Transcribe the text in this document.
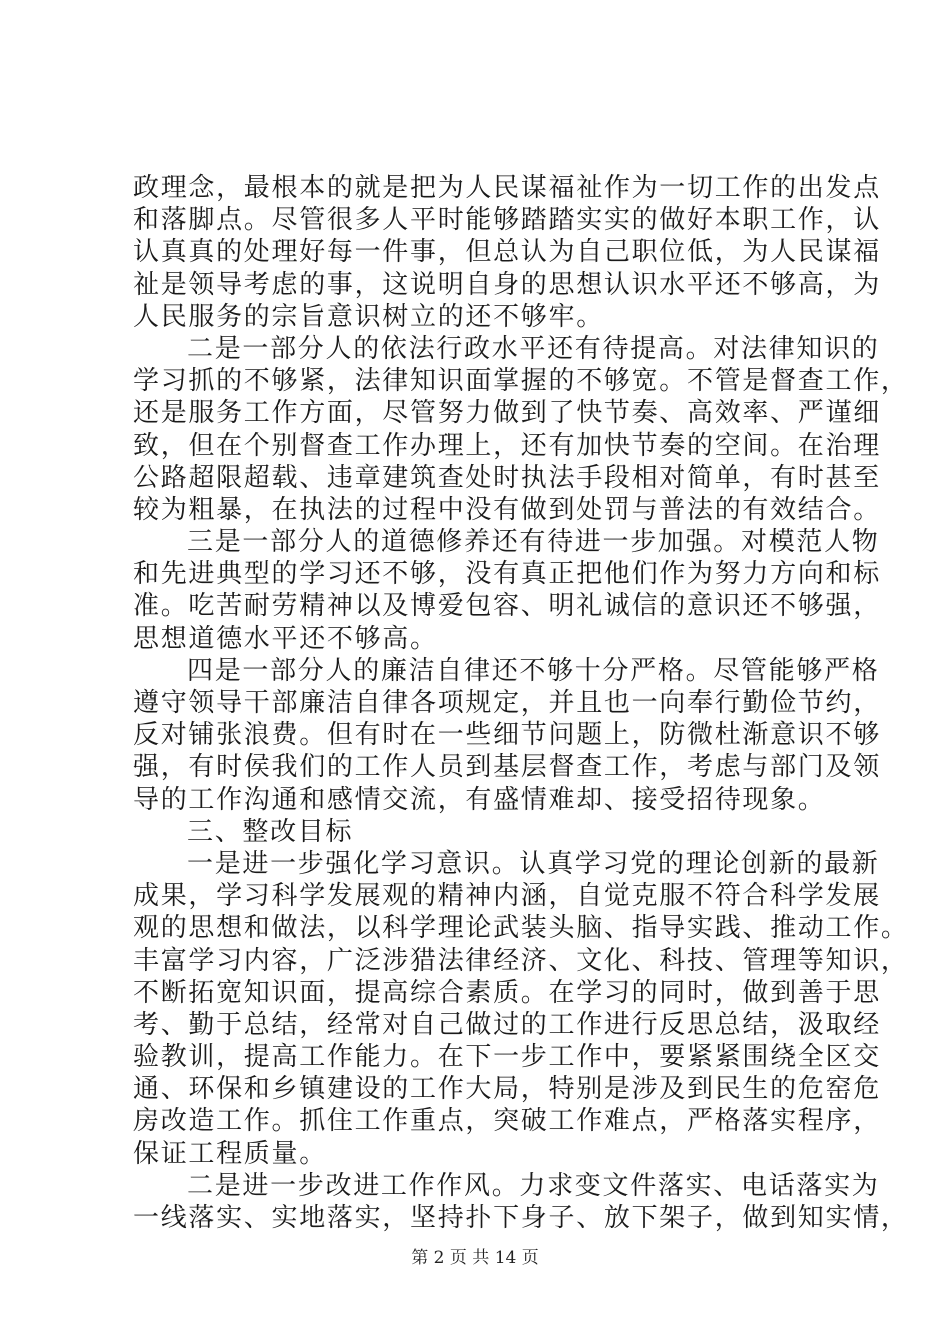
政理念，最根本的就是把为人民谋福祉作为一切工作的出发点
和落脚点。尽管很多人平时能够踏踏实实的做好本职工作，认
认真真的处理好每一件事，但总认为自己职位低，为人民谋福
祉是领导考虑的事，这说明自身的思想认识水平还不够高，为
人民服务的宗旨意识树立的还不够牢。
二是一部分人的依法行政水平还有待提高。对法律知识的
学习抓的不够紧，法律知识面掌握的不够宽。不管是督查工作，
还是服务工作方面，尽管努力做到了快节奏、高效率、严谨细
致，但在个别督查工作办理上，还有加快节奏的空间。在治理
公路超限超载、违章建筑查处时执法手段相对简单，有时甚至
较为粗暴，在执法的过程中没有做到处罚与普法的有效结合。
三是一部分人的道德修养还有待进一步加强。对模范人物
和先进典型的学习还不够，没有真正把他们作为努力方向和标
准。吃苦耐劳精神以及博爱包容、明礼诚信的意识还不够强，
思想道德水平还不够高。
四是一部分人的廉洁自律还不够十分严格。尽管能够严格
遵守领导干部廉洁自律各项规定，并且也一向奉行勤俭节约，
反对铺张浪费。但有时在一些细节问题上，防微杜渐意识不够
强，有时侯我们的工作人员到基层督查工作，考虑与部门及领
导的工作沟通和感情交流，有盛情难却、接受招待现象。
三、整改目标
一是进一步强化学习意识。认真学习党的理论创新的最新
成果，学习科学发展观的精神内涵，自觉克服不符合科学发展
观的思想和做法，以科学理论武装头脑、指导实践、推动工作。
丰富学习内容，广泛涉猎法律经济、文化、科技、管理等知识，
不断拓宽知识面，提高综合素质。在学习的同时，做到善于思
考、勤于总结，经常对自己做过的工作进行反思总结，汲取经
验教训，提高工作能力。在下一步工作中，要紧紧围绕全区交
通、环保和乡镇建设的工作大局，特别是涉及到民生的危窑危
房改造工作。抓住工作重点，突破工作难点，严格落实程序，
保证工程质量。
二是进一步改进工作作风。力求变文件落实、电话落实为
一线落实、实地落实，坚持扑下身子、放下架子，做到知实情，
第 2 页 共 14 页
